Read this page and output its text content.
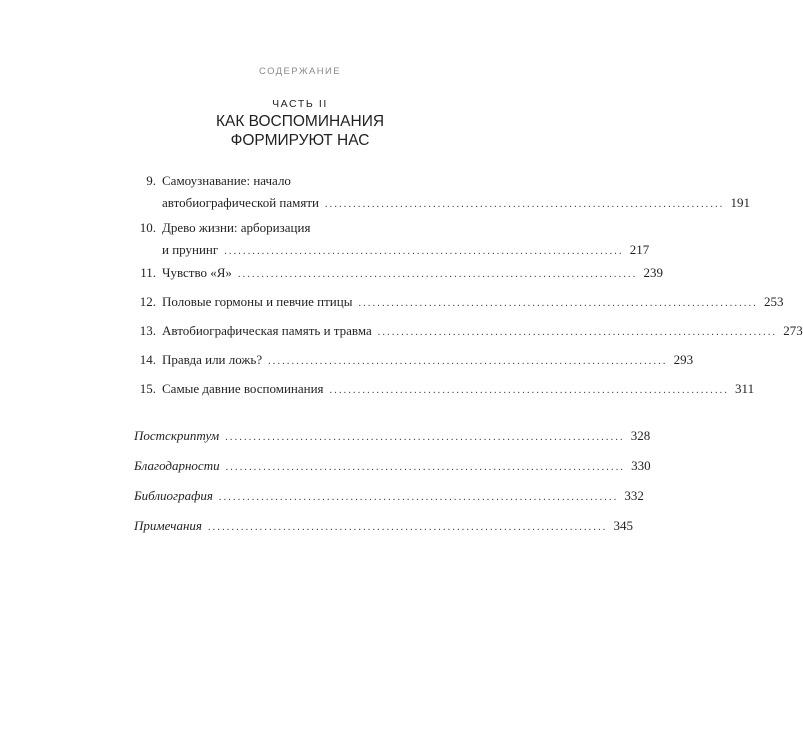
СОДЕРЖАНИЕ
ЧАСТЬ II
КАК ВОСПОМИНАНИЯ
ФОРМИРУЮТ НАС
9. Самоузнавание: начало
автобиографической памяти ..................................................................................... 191
10. Древо жизни: арборизация
и прунинг ..................................................................................... 217
11. Чувство «Я» ..................................................................................... 239
12. Половые гормоны и певчие птицы ..................................................................................... 253
13. Автобиографическая память и травма ..................................................................................... 273
14. Правда или ложь? ..................................................................................... 293
15. Самые давние воспоминания ..................................................................................... 311
Постскриптум ..................................................................................... 328
Благодарности ..................................................................................... 330
Библиография ..................................................................................... 332
Примечания ..................................................................................... 345
